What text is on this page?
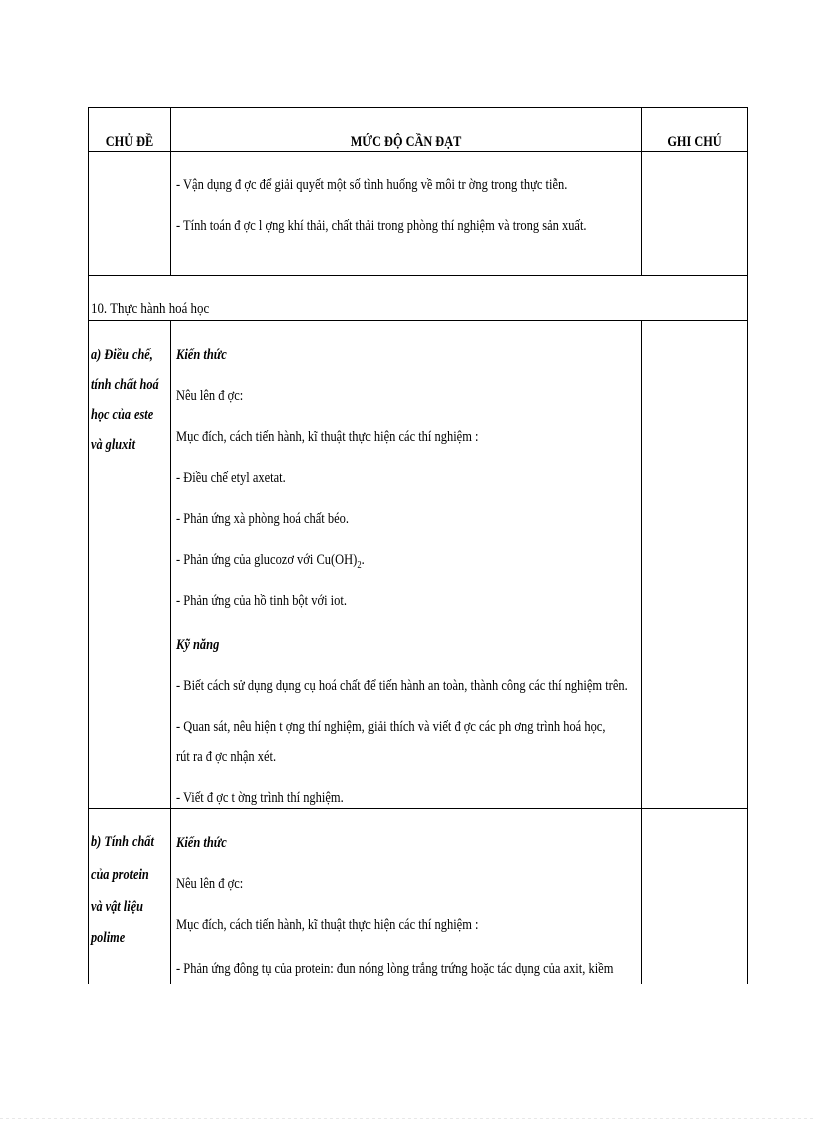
CHỦ ĐỀ	MỨC ĐỘ CẦN ĐẠT	GHI CHÚ
- Vận dụng đ ợc để giải quyết một số tình huống về môi tr ờng trong thực tiễn.
- Tính toán đ ợc l ợng khí thải, chất thải trong phòng thí nghiệm và trong sản xuất.
10. Thực hành hoá học
a) Điều chế,
tính chất hoá
học của este
và gluxit
Kiến thức
Nêu lên đ ợc:
Mục đích, cách tiến hành, kĩ thuật thực hiện các thí nghiệm :
- Điều chế etyl axetat.
- Phản ứng xà phòng hoá chất béo.
- Phản ứng của glucozơ với $Cu(OH)_2$.
- Phản ứng của hồ tinh bột với iot.
Kỹ năng
- Biết cách sử dụng dụng cụ hoá chất để tiến hành an toàn, thành công các thí nghiệm trên.
- Quan sát, nêu hiện t ợng thí nghiệm, giải thích và viết đ ợc các ph ơng trình hoá học,
rút ra đ ợc nhận xét.
- Viết đ ợc t ờng trình thí nghiệm.
b) Tính chất
của protein
và vật liệu
polime
Kiến thức
Nêu lên đ ợc:
Mục đích, cách tiến hành, kĩ thuật thực hiện các thí nghiệm :
- Phản ứng đông tụ của protein: đun nóng lòng trắng trứng hoặc tác dụng của axit, kiềm
